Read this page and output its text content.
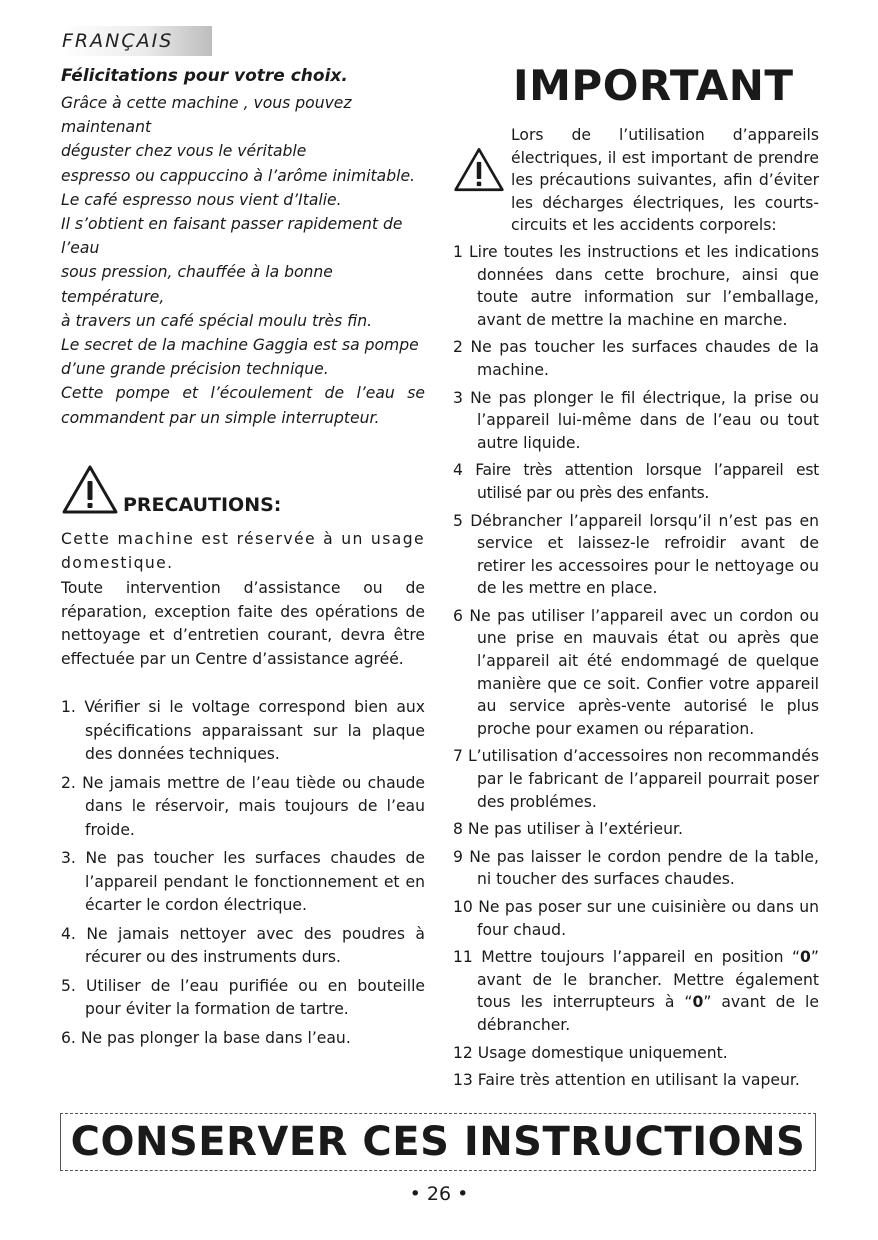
FRANÇAIS

Félicitations pour votre choix.

Grâce à cette machine , vous pouvez maintenant

déguster chez vous le véritable

espresso ou cappuccino à l’arôme inimitable.

Le café espresso nous vient d’Italie.

Il s’obtient en faisant passer rapidement de l’eau

sous pression, chauffée à la bonne température,

à travers un café spécial moulu très fin.

Le secret de la machine Gaggia est sa pompe

d’une grande précision technique.

Cette pompe et l’écoulement de l’eau se

commandent par un simple interrupteur.

PRECAUTIONS:

Cette machine est réservée à un usage domestique.

Toute intervention d’assistance ou de réparation, exception faite des opérations de nettoyage et d’entretien courant, devra être effectuée par un Centre d’assistance agréé.

1. Vérifier si le voltage correspond bien aux spécifications apparaissant sur la plaque des données techniques.

2. Ne jamais mettre de l’eau tiède ou chaude dans le réservoir, mais toujours de l’eau froide.

3. Ne pas toucher les surfaces chaudes de l’appareil pendant le fonctionnement et en écarter le cordon électrique.

4. Ne jamais nettoyer avec des poudres à récurer ou des instruments durs.

5. Utiliser de l’eau purifiée ou en bouteille pour éviter la formation de tartre.

6. Ne pas plonger la base dans l’eau.

IMPORTANT
Lors de l’utilisation d’appareils électriques, il est important de prendre les précautions suivantes, afin d’éviter les décharges électriques, les courts-circuits et les accidents corporels:

1 Lire toutes les instructions et les indications données dans cette brochure, ainsi que toute autre information sur l’emballage, avant de mettre la machine en marche.

2 Ne pas toucher les surfaces chaudes de la machine.

3 Ne pas plonger le fil électrique, la prise ou l’appareil lui-même dans de l’eau ou tout autre liquide.

4 Faire très attention lorsque l’appareil est utilisé par ou près des enfants.

5 Débrancher l’appareil lorsqu’il n’est pas en service et laissez-le refroidir avant de retirer les accessoires pour le nettoyage ou de les mettre en place.

6 Ne pas utiliser l’appareil avec un cordon ou une prise en mauvais état ou après que l’appareil ait été endommagé de quelque manière que ce soit. Confier votre appareil au service après-vente autorisé le plus proche pour examen ou réparation.

7 L’utilisation d’accessoires non recommandés par le fabricant de l’appareil pourrait poser des problémes.

8 Ne pas utiliser à l’extérieur.

9 Ne pas laisser le cordon pendre de la table, ni toucher des surfaces chaudes.

10 Ne pas poser sur une cuisinière ou dans un four chaud.

11 Mettre toujours l’appareil en position “0” avant de le brancher. Mettre également tous les interrupteurs à “0” avant de le débrancher.

12 Usage domestique uniquement.

13 Faire très attention en utilisant la vapeur.

CONSERVER CES INSTRUCTIONS
• 26 •
